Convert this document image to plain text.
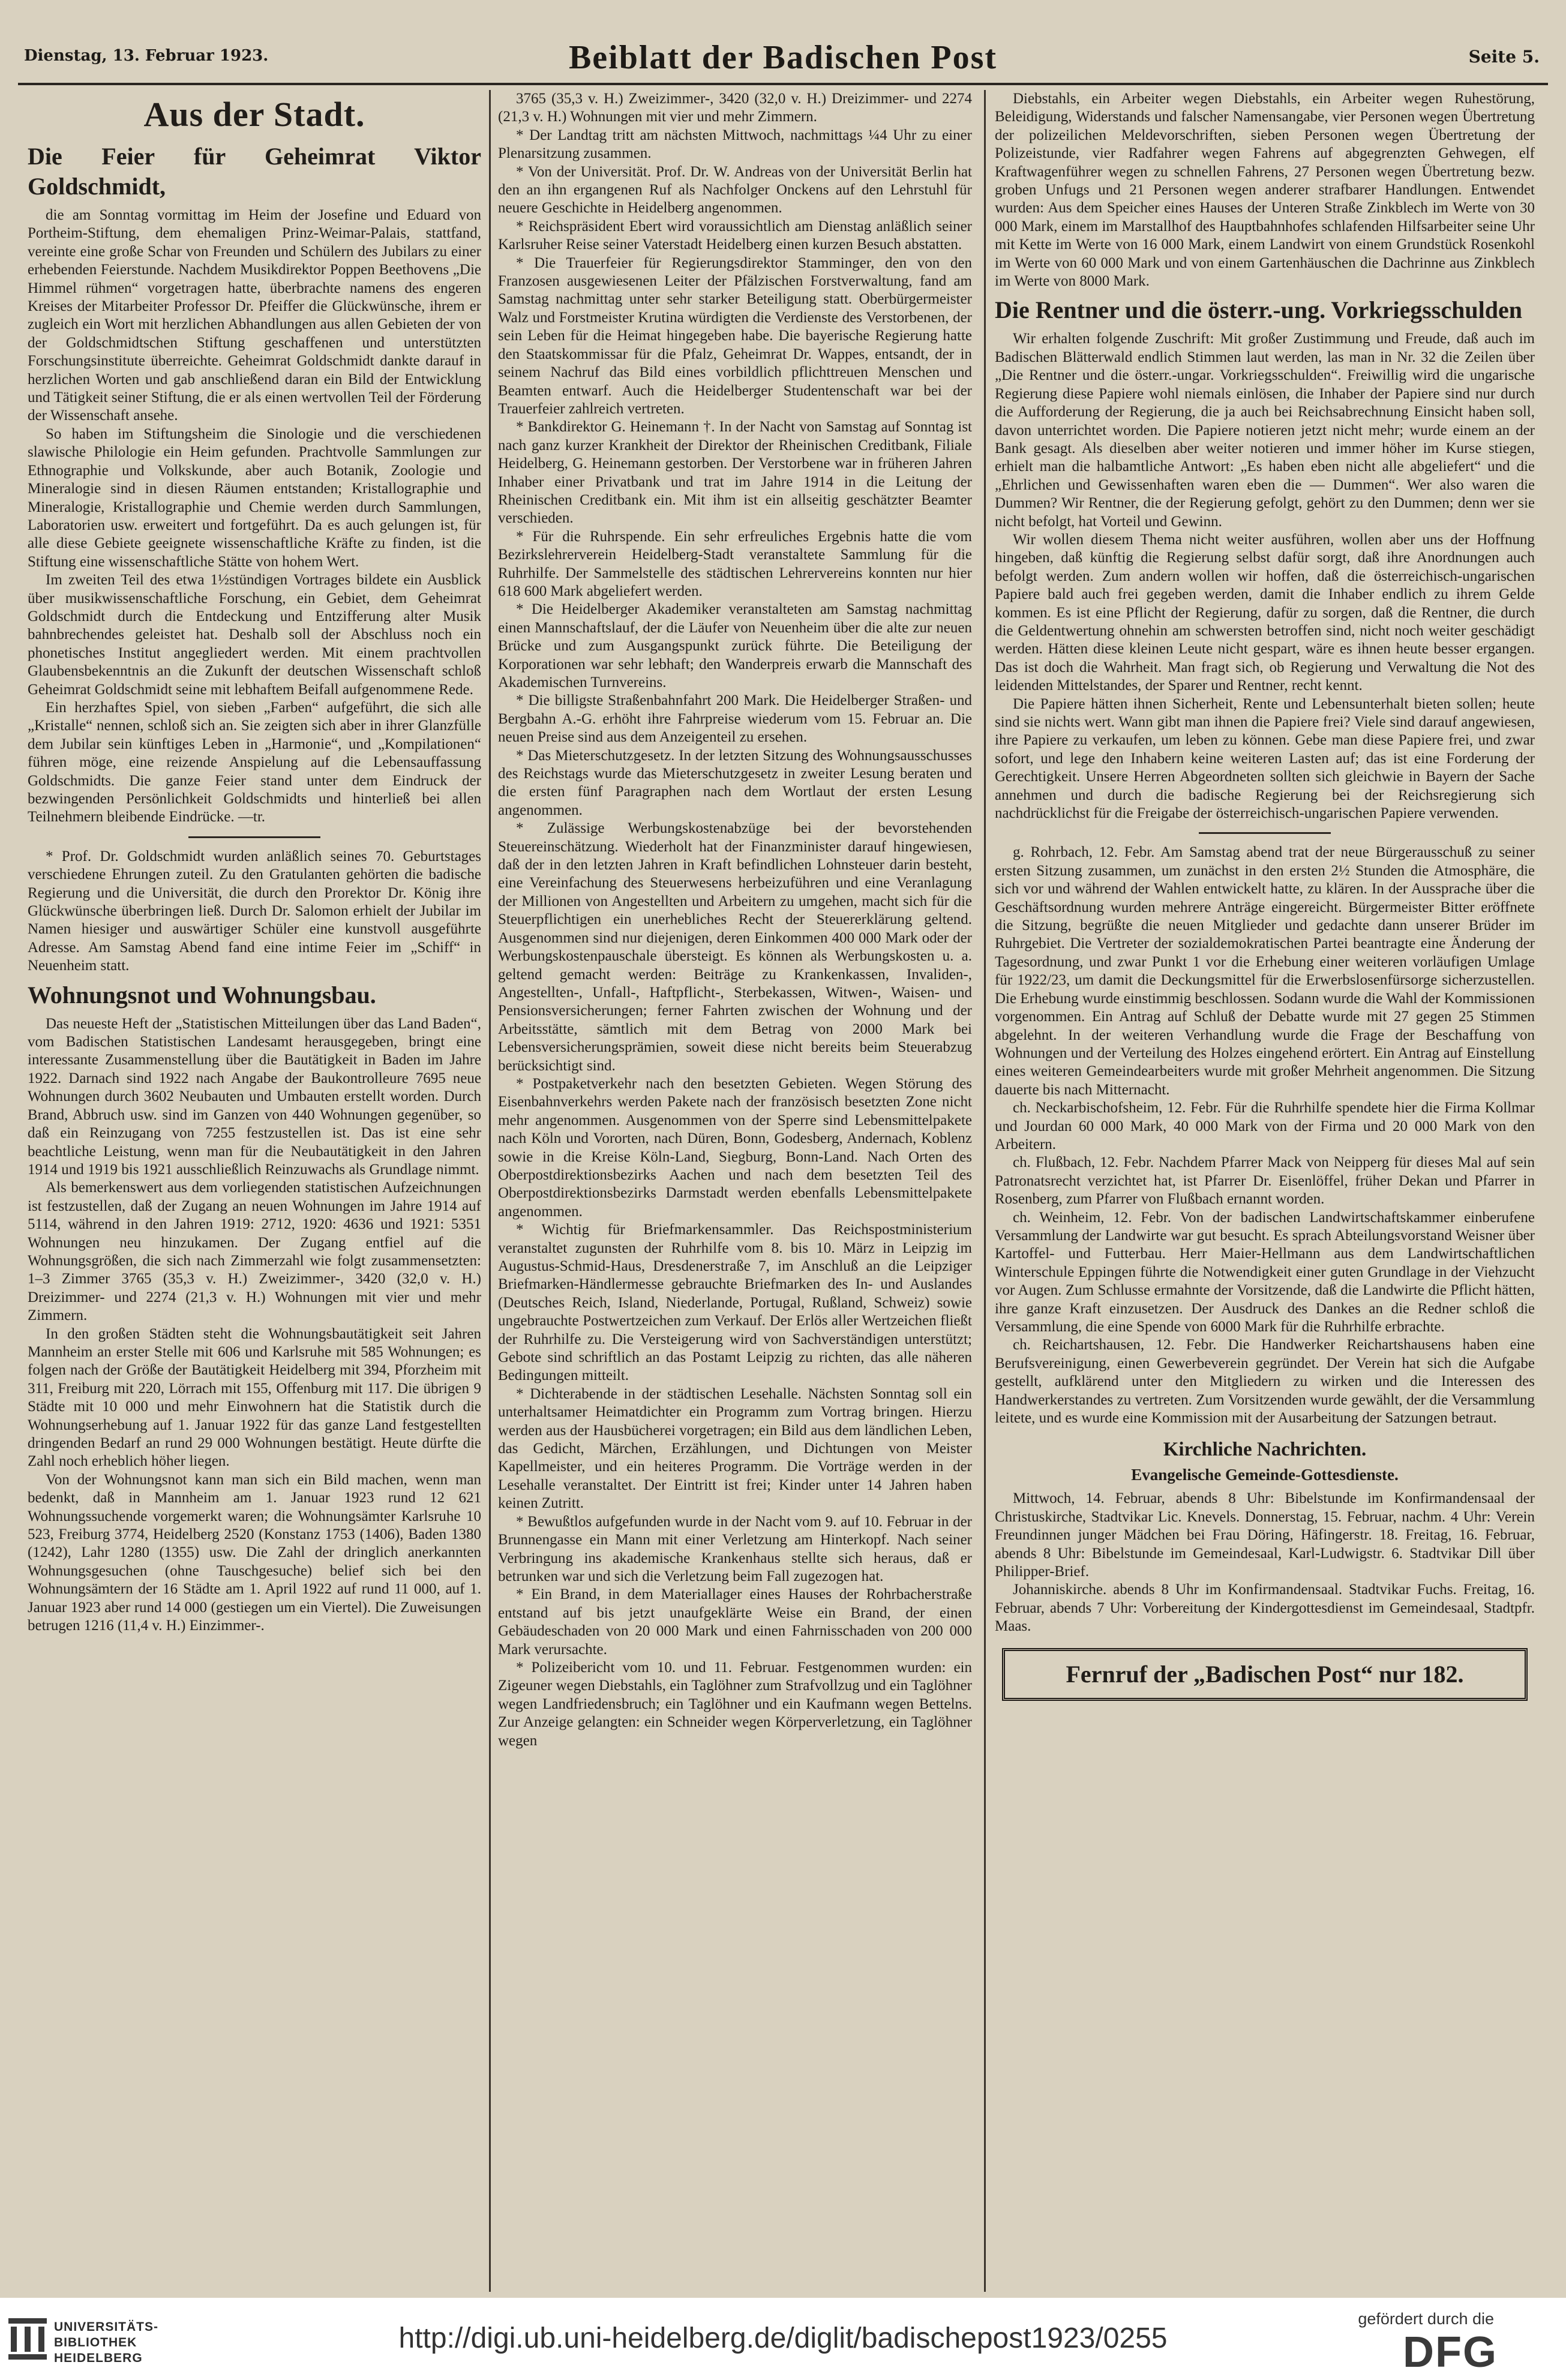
Dienstag, 13. Februar 1923.	Beiblatt der Badischen Post	Seite 5.
Aus der Stadt.
Die Feier für Geheimrat Viktor Goldschmidt,

die am Sonntag vormittag im Heim der Josefine und Eduard von Portheim-Stiftung, dem ehemaligen Prinz-Weimar-Palais, stattfand, vereinte eine große Schar von Freunden und Schülern des Jubilars zu einer erhebenden Feierstunde. Nachdem Musikdirektor Poppen Beethovens „Die Himmel rühmen“ vorgetragen hatte, überbrachte namens des engeren Kreises der Mitarbeiter Professor Dr. Pfeiffer die Glückwünsche, ihrem er zugleich ein Wort mit herzlichen Abhandlungen aus allen Gebieten der von der Goldschmidtschen Stiftung geschaffenen und unterstützten Forschungsinstitute überreichte. Geheimrat Goldschmidt dankte darauf in herzlichen Worten und gab anschließend daran ein Bild der Entwicklung und Tätigkeit seiner Stiftung, die er als einen wertvollen Teil der Förderung der Wissenschaft ansehe.

So haben im Stiftungsheim die Sinologie und die verschiedenen slawische Philologie ein Heim gefunden. Prachtvolle Sammlungen zur Ethnographie und Volkskunde, aber auch Botanik, Zoologie und Mineralogie sind in diesen Räumen entstanden; Kristallographie und Mineralogie, Kristallographie und Chemie werden durch Sammlungen, Laboratorien usw. erweitert und fortgeführt. Da es auch gelungen ist, für alle diese Gebiete geeignete wissenschaftliche Kräfte zu finden, ist die Stiftung eine wissenschaftliche Stätte von hohem Wert.

Im zweiten Teil des etwa 1½stündigen Vortrages bildete ein Ausblick über musikwissenschaftliche Forschung, ein Gebiet, dem Geheimrat Goldschmidt durch die Entdeckung und Entzifferung alter Musik bahnbrechendes geleistet hat. Deshalb soll der Abschluss noch ein phonetisches Institut angegliedert werden. Mit einem prachtvollen Glaubensbekenntnis an die Zukunft der deutschen Wissenschaft schloß Geheimrat Goldschmidt seine mit lebhaftem Beifall aufgenommene Rede.

Ein herzhaftes Spiel, von sieben „Farben“ aufgeführt, die sich alle „Kristalle“ nennen, schloß sich an. Sie zeigten sich aber in ihrer Glanzfülle dem Jubilar sein künftiges Leben in „Harmonie“, und „Kompilationen“ führen möge, eine reizende Anspielung auf die Lebensauffassung Goldschmidts. Die ganze Feier stand unter dem Eindruck der bezwingenden Persönlichkeit Goldschmidts und hinterließ bei allen Teilnehmern bleibende Eindrücke. —tr.

* Prof. Dr. Goldschmidt wurden anläßlich seines 70. Geburtstages verschiedene Ehrungen zuteil. Zu den Gratulanten gehörten die badische Regierung und die Universität, die durch den Prorektor Dr. König ihre Glückwünsche überbringen ließ. Durch Dr. Salomon erhielt der Jubilar im Namen hiesiger und auswärtiger Schüler eine kunstvoll ausgeführte Adresse. Am Samstag Abend fand eine intime Feier im „Schiff“ in Neuenheim statt.

Wohnungsnot und Wohnungsbau.

Das neueste Heft der „Statistischen Mitteilungen über das Land Baden“, vom Badischen Statistischen Landesamt herausgegeben, bringt eine interessante Zusammenstellung über die Bautätigkeit in Baden im Jahre 1922. Darnach sind 1922 nach Angabe der Baukontrolleure 7695 neue Wohnungen durch 3602 Neubauten und Umbauten erstellt worden. Durch Brand, Abbruch usw. sind im Ganzen von 440 Wohnungen gegenüber, so daß ein Reinzugang von 7255 festzustellen ist. Das ist eine sehr beachtliche Leistung, wenn man für die Neubautätigkeit in den Jahren 1914 und 1919 bis 1921 ausschließlich Reinzuwachs als Grundlage nimmt.

Als bemerkenswert aus dem vorliegenden statistischen Aufzeichnungen ist festzustellen, daß der Zugang an neuen Wohnungen im Jahre 1914 auf 5114, während in den Jahren 1919: 2712, 1920: 4636 und 1921: 5351 Wohnungen neu hinzukamen. Der Zugang entfiel auf die Wohnungsgrößen, die sich nach Zimmerzahl wie folgt zusammensetzten: 1–3 Zimmer 3765 (35,3 v. H.) Zweizimmer-, 3420 (32,0 v. H.) Dreizimmer- und 2274 (21,3 v. H.) Wohnungen mit vier und mehr Zimmern.

In den großen Städten steht die Wohnungsbautätigkeit seit Jahren Mannheim an erster Stelle mit 606 und Karlsruhe mit 585 Wohnungen; es folgen nach der Größe der Bautätigkeit Heidelberg mit 394, Pforzheim mit 311, Freiburg mit 220, Lörrach mit 155, Offenburg mit 117. Die übrigen 9 Städte mit 10 000 und mehr Einwohnern hat die Statistik durch die Wohnungserhebung auf 1. Januar 1922 für das ganze Land festgestellten dringenden Bedarf an rund 29 000 Wohnungen bestätigt. Heute dürfte die Zahl noch erheblich höher liegen.

Von der Wohnungsnot kann man sich ein Bild machen, wenn man bedenkt, daß in Mannheim am 1. Januar 1923 rund 12 621 Wohnungssuchende vorgemerkt waren; die Wohnungsämter Karlsruhe 10 523, Freiburg 3774, Heidelberg 2520 (Konstanz 1753 (1406), Baden 1380 (1242), Lahr 1280 (1355) usw. Die Zahl der dringlich anerkannten Wohnungsgesuchen (ohne Tauschgesuche) belief sich bei den Wohnungsämtern der 16 Städte am 1. April 1922 auf rund 11 000, auf 1. Januar 1923 aber rund 14 000 (gestiegen um ein Viertel). Die Zuweisungen betrugen 1216 (11,4 v. H.) Einzimmer-.

3765 (35,3 v. H.) Zweizimmer-, 3420 (32,0 v. H.) Dreizimmer- und 2274 (21,3 v. H.) Wohnungen mit vier und mehr Zimmern.

* Der Landtag tritt am nächsten Mittwoch, nachmittags ¼4 Uhr zu einer Plenarsitzung zusammen.

* Von der Universität. Prof. Dr. W. Andreas von der Universität Berlin hat den an ihn ergangenen Ruf als Nachfolger Onckens auf den Lehrstuhl für neuere Geschichte in Heidelberg angenommen.

* Reichspräsident Ebert wird voraussichtlich am Dienstag anläßlich seiner Karlsruher Reise seiner Vaterstadt Heidelberg einen kurzen Besuch abstatten.

* Die Trauerfeier für Regierungsdirektor Stamminger, den von den Franzosen ausgewiesenen Leiter der Pfälzischen Forstverwaltung, fand am Samstag nachmittag unter sehr starker Beteiligung statt. Oberbürgermeister Walz und Forstmeister Krutina würdigten die Verdienste des Verstorbenen, der sein Leben für die Heimat hingegeben habe. Die bayerische Regierung hatte den Staatskommissar für die Pfalz, Geheimrat Dr. Wappes, entsandt, der in seinem Nachruf das Bild eines vorbildlich pflichttreuen Menschen und Beamten entwarf. Auch die Heidelberger Studentenschaft war bei der Trauerfeier zahlreich vertreten.

* Bankdirektor G. Heinemann †. In der Nacht von Samstag auf Sonntag ist nach ganz kurzer Krankheit der Direktor der Rheinischen Creditbank, Filiale Heidelberg, G. Heinemann gestorben. Der Verstorbene war in früheren Jahren Inhaber einer Privatbank und trat im Jahre 1914 in die Leitung der Rheinischen Creditbank ein. Mit ihm ist ein allseitig geschätzter Beamter verschieden.

* Für die Ruhrspende. Ein sehr erfreuliches Ergebnis hatte die vom Bezirkslehrerverein Heidelberg-Stadt veranstaltete Sammlung für die Ruhrhilfe. Der Sammelstelle des städtischen Lehrervereins konnten nur hier 618 600 Mark abgeliefert werden.

* Die Heidelberger Akademiker veranstalteten am Samstag nachmittag einen Mannschaftslauf, der die Läufer von Neuenheim über die alte zur neuen Brücke und zum Ausgangspunkt zurück führte. Die Beteiligung der Korporationen war sehr lebhaft; den Wanderpreis erwarb die Mannschaft des Akademischen Turnvereins.

* Die billigste Straßenbahnfahrt 200 Mark. Die Heidelberger Straßen- und Bergbahn A.-G. erhöht ihre Fahrpreise wiederum vom 15. Februar an. Die neuen Preise sind aus dem Anzeigenteil zu ersehen.

* Das Mieterschutzgesetz. In der letzten Sitzung des Wohnungsausschusses des Reichstags wurde das Mieterschutzgesetz in zweiter Lesung beraten und die ersten fünf Paragraphen nach dem Wortlaut der ersten Lesung angenommen.

* Zulässige Werbungskostenabzüge bei der bevorstehenden Steuereinschätzung. Wiederholt hat der Finanzminister darauf hingewiesen, daß der in den letzten Jahren in Kraft befindlichen Lohnsteuer darin besteht, eine Vereinfachung des Steuerwesens herbeizuführen und eine Veranlagung der Millionen von Angestellten und Arbeitern zu umgehen, macht sich für die Steuerpflichtigen ein unerhebliches Recht der Steuererklärung geltend. Ausgenommen sind nur diejenigen, deren Einkommen 400 000 Mark oder der Werbungskostenpauschale übersteigt. Es können als Werbungskosten u. a. geltend gemacht werden: Beiträge zu Krankenkassen, Invaliden-, Angestellten-, Unfall-, Haftpflicht-, Sterbekassen, Witwen-, Waisen- und Pensionsversicherungen; ferner Fahrten zwischen der Wohnung und der Arbeitsstätte, sämtlich mit dem Betrag von 2000 Mark bei Lebensversicherungsprämien, soweit diese nicht bereits beim Steuerabzug berücksichtigt sind.

* Postpaketverkehr nach den besetzten Gebieten. Wegen Störung des Eisenbahnverkehrs werden Pakete nach der französisch besetzten Zone nicht mehr angenommen. Ausgenommen von der Sperre sind Lebensmittelpakete nach Köln und Vororten, nach Düren, Bonn, Godesberg, Andernach, Koblenz sowie in die Kreise Köln-Land, Siegburg, Bonn-Land. Nach Orten des Oberpostdirektionsbezirks Aachen und nach dem besetzten Teil des Oberpostdirektionsbezirks Darmstadt werden ebenfalls Lebensmittelpakete angenommen.

* Wichtig für Briefmarkensammler. Das Reichspostministerium veranstaltet zugunsten der Ruhrhilfe vom 8. bis 10. März in Leipzig im Augustus-Schmid-Haus, Dresdenerstraße 7, im Anschluß an die Leipziger Briefmarken-Händlermesse gebrauchte Briefmarken des In- und Auslandes (Deutsches Reich, Island, Niederlande, Portugal, Rußland, Schweiz) sowie ungebrauchte Postwertzeichen zum Verkauf. Der Erlös aller Wertzeichen fließt der Ruhrhilfe zu. Die Versteigerung wird von Sachverständigen unterstützt; Gebote sind schriftlich an das Postamt Leipzig zu richten, das alle näheren Bedingungen mitteilt.

* Dichterabende in der städtischen Lesehalle. Nächsten Sonntag soll ein unterhaltsamer Heimatdichter ein Programm zum Vortrag bringen. Hierzu werden aus der Hausbücherei vorgetragen; ein Bild aus dem ländlichen Leben, das Gedicht, Märchen, Erzählungen, und Dichtungen von Meister Kapellmeister, und ein heiteres Programm. Die Vorträge werden in der Lesehalle veranstaltet. Der Eintritt ist frei; Kinder unter 14 Jahren haben keinen Zutritt.

* Bewußtlos aufgefunden wurde in der Nacht vom 9. auf 10. Februar in der Brunnengasse ein Mann mit einer Verletzung am Hinterkopf. Nach seiner Verbringung ins akademische Krankenhaus stellte sich heraus, daß er betrunken war und sich die Verletzung beim Fall zugezogen hat.

* Ein Brand, in dem Materiallager eines Hauses der Rohrbacherstraße entstand auf bis jetzt unaufgeklärte Weise ein Brand, der einen Gebäudeschaden von 20 000 Mark und einen Fahrnisschaden von 200 000 Mark verursachte.

* Polizeibericht vom 10. und 11. Februar. Festgenommen wurden: ein Zigeuner wegen Diebstahls, ein Taglöhner zum Strafvollzug und ein Taglöhner wegen Landfriedensbruch; ein Taglöhner und ein Kaufmann wegen Bettelns. Zur Anzeige gelangten: ein Schneider wegen Körperverletzung, ein Taglöhner wegen

Diebstahls, ein Arbeiter wegen Diebstahls, ein Arbeiter wegen Ruhestörung, Beleidigung, Widerstands und falscher Namensangabe, vier Personen wegen Übertretung der polizeilichen Meldevorschriften, sieben Personen wegen Übertretung der Polizeistunde, vier Radfahrer wegen Fahrens auf abgegrenzten Gehwegen, elf Kraftwagenführer wegen zu schnellen Fahrens, 27 Personen wegen Übertretung bezw. groben Unfugs und 21 Personen wegen anderer strafbarer Handlungen. Entwendet wurden: Aus dem Speicher eines Hauses der Unteren Straße Zinkblech im Werte von 30 000 Mark, einem im Marstallhof des Hauptbahnhofes schlafenden Hilfsarbeiter seine Uhr mit Kette im Werte von 16 000 Mark, einem Landwirt von einem Grundstück Rosenkohl im Werte von 60 000 Mark und von einem Gartenhäuschen die Dachrinne aus Zinkblech im Werte von 8000 Mark.

Die Rentner und die österr.-ung. Vorkriegsschulden

Wir erhalten folgende Zuschrift: Mit großer Zustimmung und Freude, daß auch im Badischen Blätterwald endlich Stimmen laut werden, las man in Nr. 32 die Zeilen über „Die Rentner und die österr.-ungar. Vorkriegsschulden“. Freiwillig wird die ungarische Regierung diese Papiere wohl niemals einlösen, die Inhaber der Papiere sind nur durch die Aufforderung der Regierung, die ja auch bei Reichsabrechnung Einsicht haben soll, davon unterrichtet worden. Die Papiere notieren jetzt nicht mehr; wurde einem an der Bank gesagt. Als dieselben aber weiter notieren und immer höher im Kurse stiegen, erhielt man die halbamtliche Antwort: „Es haben eben nicht alle abgeliefert“ und die „Ehrlichen und Gewissenhaften waren eben die — Dummen“. Wer also waren die Dummen? Wir Rentner, die der Regierung gefolgt, gehört zu den Dummen; denn wer sie nicht befolgt, hat Vorteil und Gewinn.

Wir wollen diesem Thema nicht weiter ausführen, wollen aber uns der Hoffnung hingeben, daß künftig die Regierung selbst dafür sorgt, daß ihre Anordnungen auch befolgt werden. Zum andern wollen wir hoffen, daß die österreichisch-ungarischen Papiere bald auch frei gegeben werden, damit die Inhaber endlich zu ihrem Gelde kommen. Es ist eine Pflicht der Regierung, dafür zu sorgen, daß die Rentner, die durch die Geldentwertung ohnehin am schwersten betroffen sind, nicht noch weiter geschädigt werden. Hätten diese kleinen Leute nicht gespart, wäre es ihnen heute besser ergangen. Das ist doch die Wahrheit. Man fragt sich, ob Regierung und Verwaltung die Not des leidenden Mittelstandes, der Sparer und Rentner, recht kennt.

Die Papiere hätten ihnen Sicherheit, Rente und Lebensunterhalt bieten sollen; heute sind sie nichts wert. Wann gibt man ihnen die Papiere frei? Viele sind darauf angewiesen, ihre Papiere zu verkaufen, um leben zu können. Gebe man diese Papiere frei, und zwar sofort, und lege den Inhabern keine weiteren Lasten auf; das ist eine Forderung der Gerechtigkeit. Unsere Herren Abgeordneten sollten sich gleichwie in Bayern der Sache annehmen und durch die badische Regierung bei der Reichsregierung sich nachdrücklichst für die Freigabe der österreichisch-ungarischen Papiere verwenden.

g. Rohrbach, 12. Febr. Am Samstag abend trat der neue Bürgerausschuß zu seiner ersten Sitzung zusammen, um zunächst in den ersten 2½ Stunden die Atmosphäre, die sich vor und während der Wahlen entwickelt hatte, zu klären. In der Aussprache über die Geschäftsordnung wurden mehrere Anträge eingereicht. Bürgermeister Bitter eröffnete die Sitzung, begrüßte die neuen Mitglieder und gedachte dann unserer Brüder im Ruhrgebiet. Die Vertreter der sozialdemokratischen Partei beantragte eine Änderung der Tagesordnung, und zwar Punkt 1 vor die Erhebung einer weiteren vorläufigen Umlage für 1922/23, um damit die Deckungsmittel für die Erwerbslosenfürsorge sicherzustellen. Die Erhebung wurde einstimmig beschlossen. Sodann wurde die Wahl der Kommissionen vorgenommen. Ein Antrag auf Schluß der Debatte wurde mit 27 gegen 25 Stimmen abgelehnt. In der weiteren Verhandlung wurde die Frage der Beschaffung von Wohnungen und der Verteilung des Holzes eingehend erörtert. Ein Antrag auf Einstellung eines weiteren Gemeindearbeiters wurde mit großer Mehrheit angenommen. Die Sitzung dauerte bis nach Mitternacht.

ch. Neckarbischofsheim, 12. Febr. Für die Ruhrhilfe spendete hier die Firma Kollmar und Jourdan 60 000 Mark, 40 000 Mark von der Firma und 20 000 Mark von den Arbeitern.

ch. Flußbach, 12. Febr. Nachdem Pfarrer Mack von Neipperg für dieses Mal auf sein Patronatsrecht verzichtet hat, ist Pfarrer Dr. Eisenlöffel, früher Dekan und Pfarrer in Rosenberg, zum Pfarrer von Flußbach ernannt worden.

ch. Weinheim, 12. Febr. Von der badischen Landwirtschaftskammer einberufene Versammlung der Landwirte war gut besucht. Es sprach Abteilungsvorstand Weisner über Kartoffel- und Futterbau. Herr Maier-Hellmann aus dem Landwirtschaftlichen Winterschule Eppingen führte die Notwendigkeit einer guten Grundlage in der Viehzucht vor Augen. Zum Schlusse ermahnte der Vorsitzende, daß die Landwirte die Pflicht hätten, ihre ganze Kraft einzusetzen. Der Ausdruck des Dankes an die Redner schloß die Versammlung, die eine Spende von 6000 Mark für die Ruhrhilfe erbrachte.

ch. Reichartshausen, 12. Febr. Die Handwerker Reichartshausens haben eine Berufsvereinigung, einen Gewerbeverein gegründet. Der Verein hat sich die Aufgabe gestellt, aufklärend unter den Mitgliedern zu wirken und die Interessen des Handwerkerstandes zu vertreten. Zum Vorsitzenden wurde gewählt, der die Versammlung leitete, und es wurde eine Kommission mit der Ausarbeitung der Satzungen betraut.

Kirchliche Nachrichten.
Evangelische Gemeinde-Gottesdienste.

Mittwoch, 14. Februar, abends 8 Uhr: Bibelstunde im Konfirmandensaal der Christuskirche, Stadtvikar Lic. Knevels. Donnerstag, 15. Februar, nachm. 4 Uhr: Verein Freundinnen junger Mädchen bei Frau Döring, Häfingerstr. 18. Freitag, 16. Februar, abends 8 Uhr: Bibelstunde im Gemeindesaal, Karl-Ludwigstr. 6. Stadtvikar Dill über Philipper-Brief.

Johanniskirche. abends 8 Uhr im Konfirmandensaal. Stadtvikar Fuchs. Freitag, 16. Februar, abends 7 Uhr: Vorbereitung der Kindergottesdienst im Gemeindesaal, Stadtpfr. Maas.

Fernruf der „Badischen Post“ nur 182.
UNIVERSITÄTS-
BIBLIOTHEK
HEIDELBERG
http://digi.ub.uni-heidelberg.de/diglit/badischepost1923/0255
gefördert durch die
DFG
